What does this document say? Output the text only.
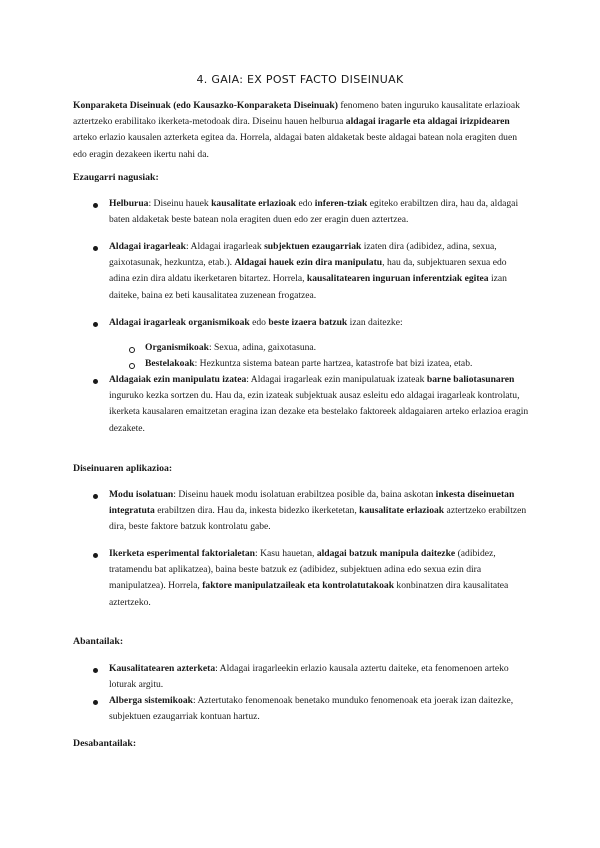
4. GAIA: EX POST FACTO DISEINUAK

Konparaketa Diseinuak (edo Kausazko-Konparaketa Diseinuak) fenomeno baten inguruko kausalitate erlazioak aztertzeko erabilitako ikerketa-metodoak dira. Diseinu hauen helburua aldagai iragarle eta aldagai irizpidearen arteko erlazio kausalen azterketa egitea da. Horrela, aldagai baten aldaketak beste aldagai batean nola eragiten duen edo eragin dezakeen ikertu nahi da.

Ezaugarri nagusiak:

Helburua: Diseinu hauek kausalitate erlazioak edo inferen-tziak egiteko erabiltzen dira, hau da, aldagai baten aldaketak beste batean nola eragiten duen edo zer eragin duen aztertzea.

Aldagai iragarleak: Aldagai iragarleak subjektuen ezaugarriak izaten dira (adibidez, adina, sexua, gaixotasunak, hezkuntza, etab.). Aldagai hauek ezin dira manipulatu, hau da, subjektuaren sexua edo adina ezin dira aldatu ikerketaren bitartez. Horrela, kausalitatearen inguruan inferentziak egitea izan daiteke, baina ez beti kausalitatea zuzenean frogatzea.

Aldagai iragarleak organismikoak edo beste izaera batzuk izan daitezke:

Organismikoak: Sexua, adina, gaixotasuna.

Bestelakoak: Hezkuntza sistema batean parte hartzea, katastrofe bat bizi izatea, etab.

Aldagaiak ezin manipulatu izatea: Aldagai iragarleak ezin manipulatuak izateak barne baliotasunaren inguruko kezka sortzen du. Hau da, ezin izateak subjektuak ausaz esleitu edo aldagai iragarleak kontrolatu, ikerketa kausalaren emaitzetan eragina izan dezake eta bestelako faktoreek aldagaiaren arteko erlazioa eragin dezakete.

Diseinuaren aplikazioa:

Modu isolatuan: Diseinu hauek modu isolatuan erabiltzea posible da, baina askotan inkesta diseinuetan integratuta erabiltzen dira. Hau da, inkesta bidezko ikerketetan, kausalitate erlazioak aztertzeko erabiltzen dira, beste faktore batzuk kontrolatu gabe.

Ikerketa esperimental faktorialetan: Kasu hauetan, aldagai batzuk manipula daitezke (adibidez, tratamendu bat aplikatzea), baina beste batzuk ez (adibidez, subjektuen adina edo sexua ezin dira manipulatzea). Horrela, faktore manipulatzaileak eta kontrolatutakoak konbinatzen dira kausalitatea aztertzeko.

Abantailak:

Kausalitatearen azterketa: Aldagai iragarleekin erlazio kausala aztertu daiteke, eta fenomenoen arteko loturak argitu.

Alberga sistemikoak: Aztertutako fenomenoak benetako munduko fenomenoak eta joerak izan daitezke, subjektuen ezaugarriak kontuan hartuz.

Desabantailak:
